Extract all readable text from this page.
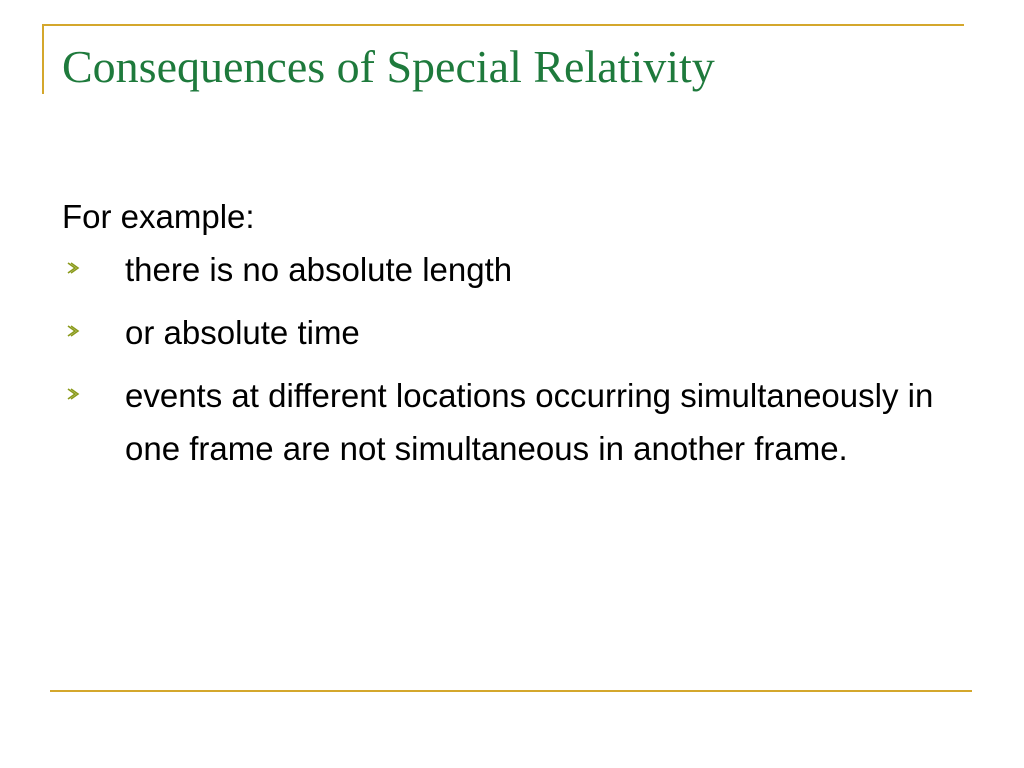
Consequences of Special Relativity

For example:

there is no absolute length
or absolute time
events at different locations occurring simultaneously in one frame are not simultaneous in another frame.
